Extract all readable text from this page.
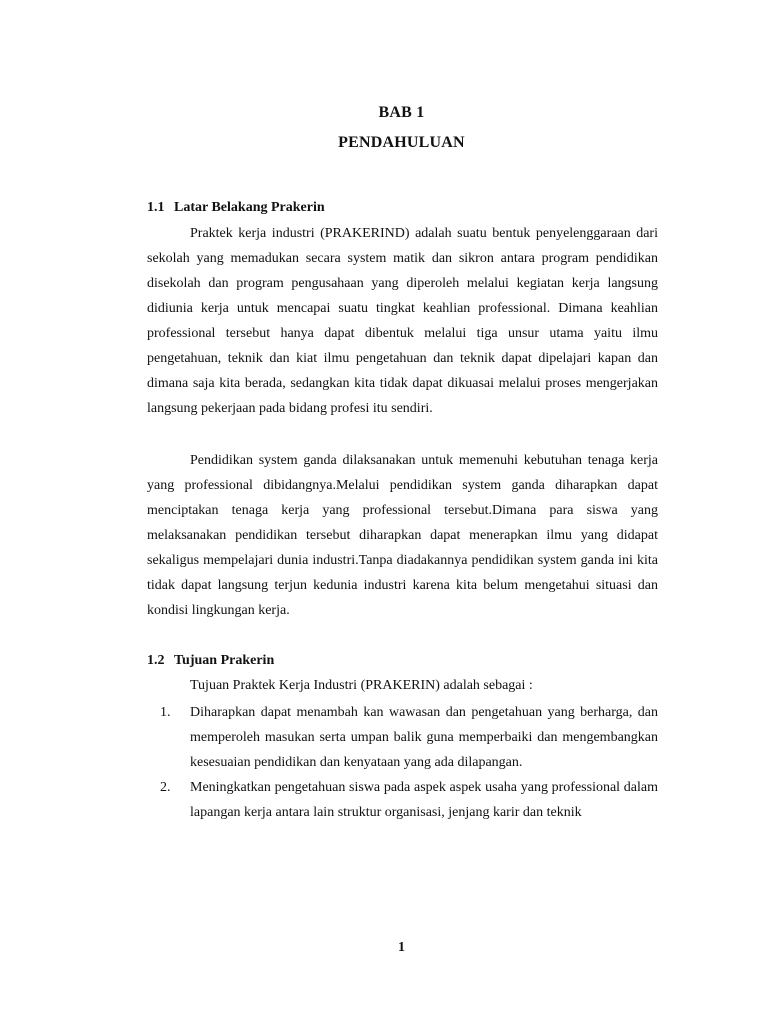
BAB 1
PENDAHULUAN
1.1 Latar Belakang Prakerin

Praktek kerja industri (PRAKERIND) adalah suatu bentuk penyelenggaraan dari sekolah yang memadukan secara system matik dan sikron antara program pendidikan disekolah dan program pengusahaan yang diperoleh melalui kegiatan kerja langsung didiunia kerja untuk mencapai suatu tingkat keahlian professional. Dimana keahlian professional tersebut hanya dapat dibentuk melalui tiga unsur utama yaitu ilmu pengetahuan, teknik dan kiat ilmu pengetahuan dan teknik dapat dipelajari kapan dan dimana saja kita berada, sedangkan kita tidak dapat dikuasai melalui proses mengerjakan langsung pekerjaan pada bidang profesi itu sendiri.

Pendidikan system ganda dilaksanakan untuk memenuhi kebutuhan tenaga kerja yang professional dibidangnya.Melalui pendidikan system ganda diharapkan dapat menciptakan tenaga kerja yang professional tersebut.Dimana para siswa yang melaksanakan pendidikan tersebut diharapkan dapat menerapkan ilmu yang didapat sekaligus mempelajari dunia industri.Tanpa diadakannya pendidikan system ganda ini kita tidak dapat langsung terjun kedunia industri karena kita belum mengetahui situasi dan kondisi lingkungan kerja.

1.2 Tujuan Prakerin
Tujuan Praktek Kerja Industri (PRAKERIN) adalah sebagai :
1.	Diharapkan dapat menambah kan wawasan dan pengetahuan yang berharga, dan memperoleh masukan serta umpan balik guna memperbaiki dan mengembangkan kesesuaian pendidikan dan kenyataan yang ada dilapangan.
2.	Meningkatkan pengetahuan siswa pada aspek aspek usaha yang professional dalam lapangan kerja antara lain struktur organisasi, jenjang karir dan teknik
1
